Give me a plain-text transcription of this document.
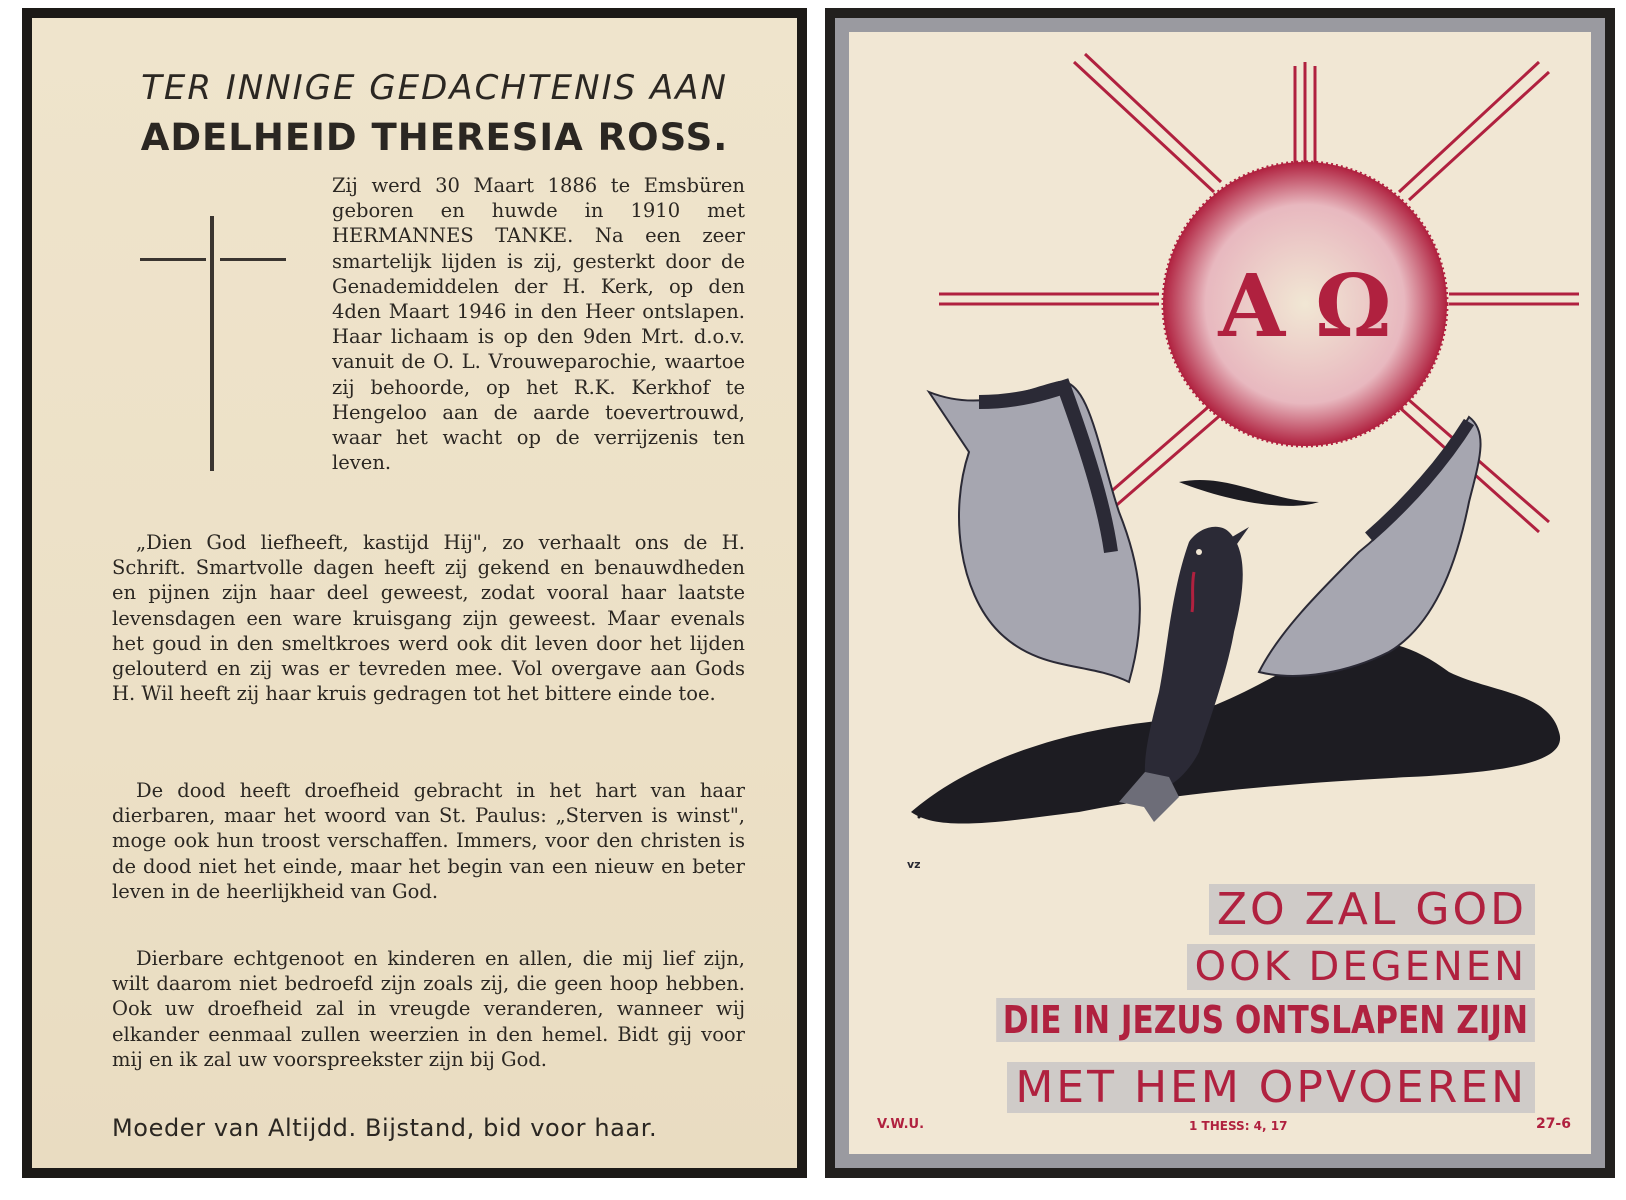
TER INNIGE GEDACHTENIS AAN

ADELHEID THERESIA ROSS.

Zij werd 30 Maart 1886 te Emsbüren geboren en huwde in 1910 met HERMANNES TANKE. Na een zeer smartelijk lijden is zij, gesterkt door de Genademiddelen der H. Kerk, op den 4den Maart 1946 in den Heer ontslapen. Haar lichaam is op den 9den Mrt. d.o.v. vanuit de O. L. Vrouweparochie, waartoe zij behoorde, op het R.K. Kerkhof te Hengeloo aan de aarde toevertrouwd, waar het wacht op de verrijzenis ten leven.

„Dien God liefheeft, kastijd Hij", zo verhaalt ons de H. Schrift. Smartvolle dagen heeft zij gekend en benauwdheden en pijnen zijn haar deel geweest, zodat vooral haar laatste levensdagen een ware kruisgang zijn geweest. Maar evenals het goud in den smeltkroes werd ook dit leven door het lijden gelouterd en zij was er tevreden mee. Vol overgave aan Gods H. Wil heeft zij haar kruis gedragen tot het bittere einde toe.

De dood heeft droefheid gebracht in het hart van haar dierbaren, maar het woord van St. Paulus: „Sterven is winst", moge ook hun troost verschaffen. Immers, voor den christen is de dood niet het einde, maar het begin van een nieuw en beter leven in de heerlijkheid van God.

Dierbare echtgenoot en kinderen en allen, die mij lief zijn, wilt daarom niet bedroefd zijn zoals zij, die geen hoop hebben. Ook uw droefheid zal in vreugde veranderen, wanneer wij elkander eenmaal zullen weerzien in den hemel. Bidt gij voor mij en ik zal uw voorspreekster zijn bij God.

Moeder van Altijdd. Bijstand, bid voor haar.

A Ω

vz

ZO ZAL GOD

OOK DEGENEN

DIE IN JEZUS ONTSLAPEN ZIJN

MET HEM OPVOEREN

1 THESS: 4, 17

V.W.U.	27-6
